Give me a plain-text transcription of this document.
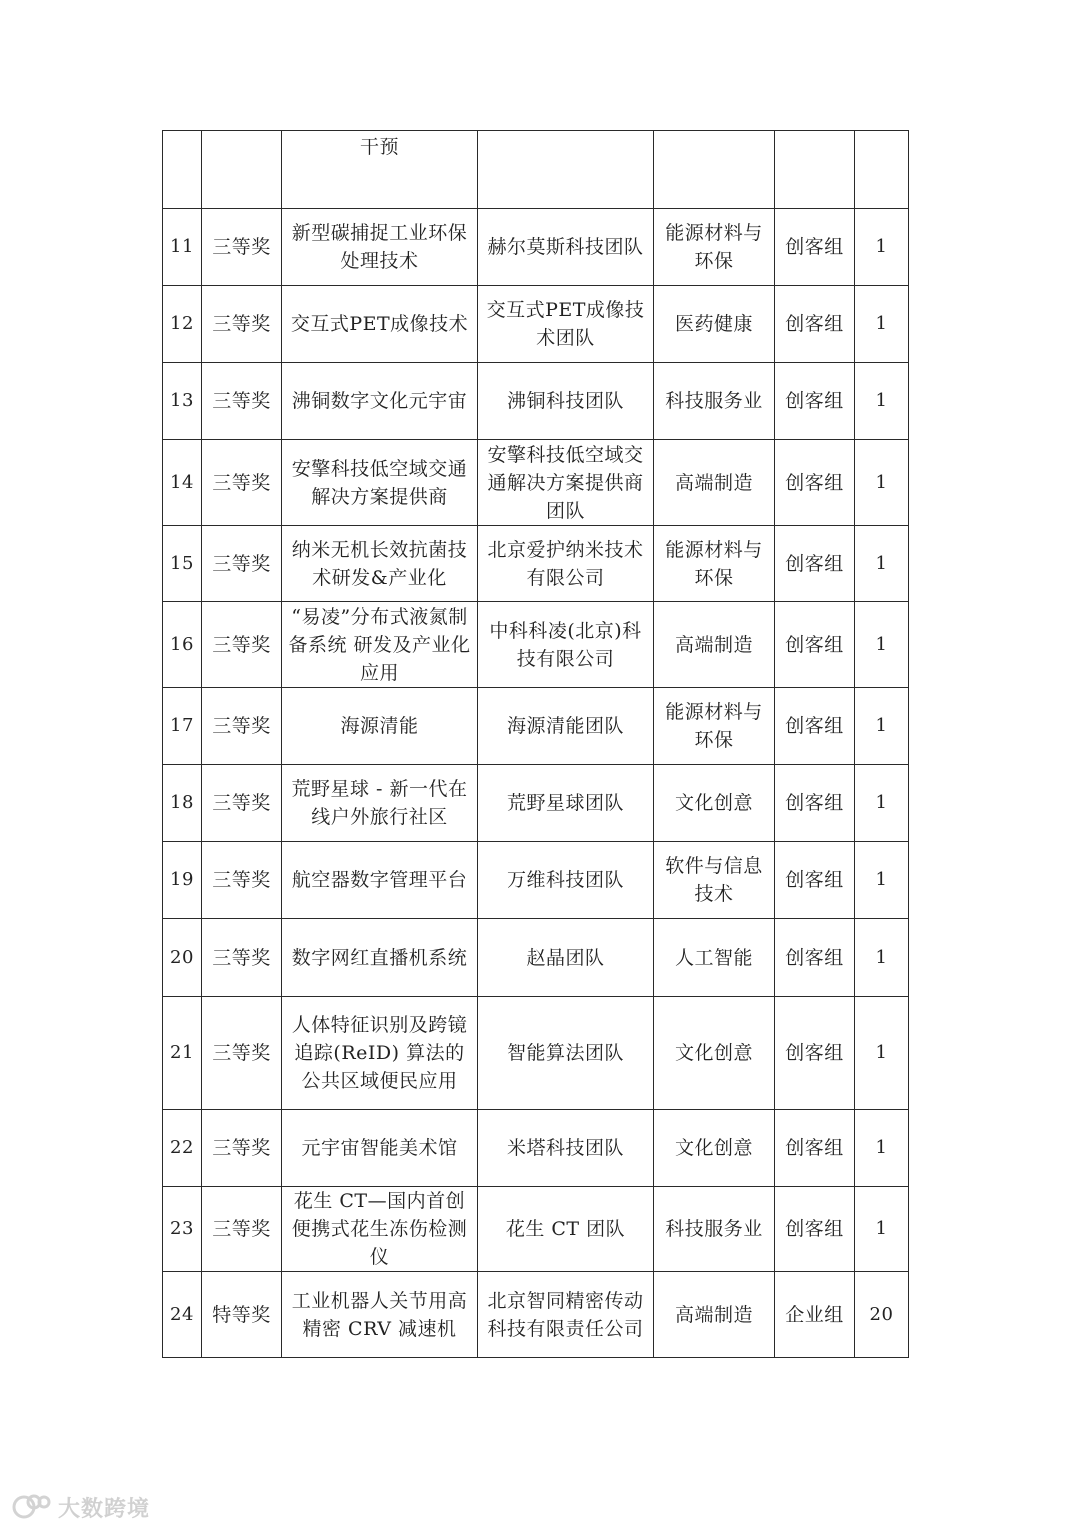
		干预				
11	三等奖	新型碳捕捉工业环保处理技术	赫尔莫斯科技团队	能源材料与环保	创客组	1
12	三等奖	交互式PET成像技术	交互式PET成像技术团队	医药健康	创客组	1
13	三等奖	沸铜数字文化元宇宙	沸铜科技团队	科技服务业	创客组	1
14	三等奖	安擎科技低空域交通解决方案提供商	安擎科技低空域交通解决方案提供商团队	高端制造	创客组	1
15	三等奖	纳米无机长效抗菌技术研发&产业化	北京爱护纳米技术有限公司	能源材料与环保	创客组	1
16	三等奖	“易凌”分布式液氮制备系统 研发及产业化应用	中科科凌(北京)科技有限公司	高端制造	创客组	1
17	三等奖	海源清能	海源清能团队	能源材料与环保	创客组	1
18	三等奖	荒野星球 - 新一代在线户外旅行社区	荒野星球团队	文化创意	创客组	1
19	三等奖	航空器数字管理平台	万维科技团队	软件与信息技术	创客组	1
20	三等奖	数字网红直播机系统	赵晶团队	人工智能	创客组	1
21	三等奖	人体特征识别及跨镜追踪(ReID) 算法的公共区域便民应用	智能算法团队	文化创意	创客组	1
22	三等奖	元宇宙智能美术馆	米塔科技团队	文化创意	创客组	1
23	三等奖	花生 CT—国内首创便携式花生冻伤检测仪	花生 CT 团队	科技服务业	创客组	1
24	特等奖	工业机器人关节用高精密 CRV 减速机	北京智同精密传动科技有限责任公司	高端制造	企业组	20
大数跨境
